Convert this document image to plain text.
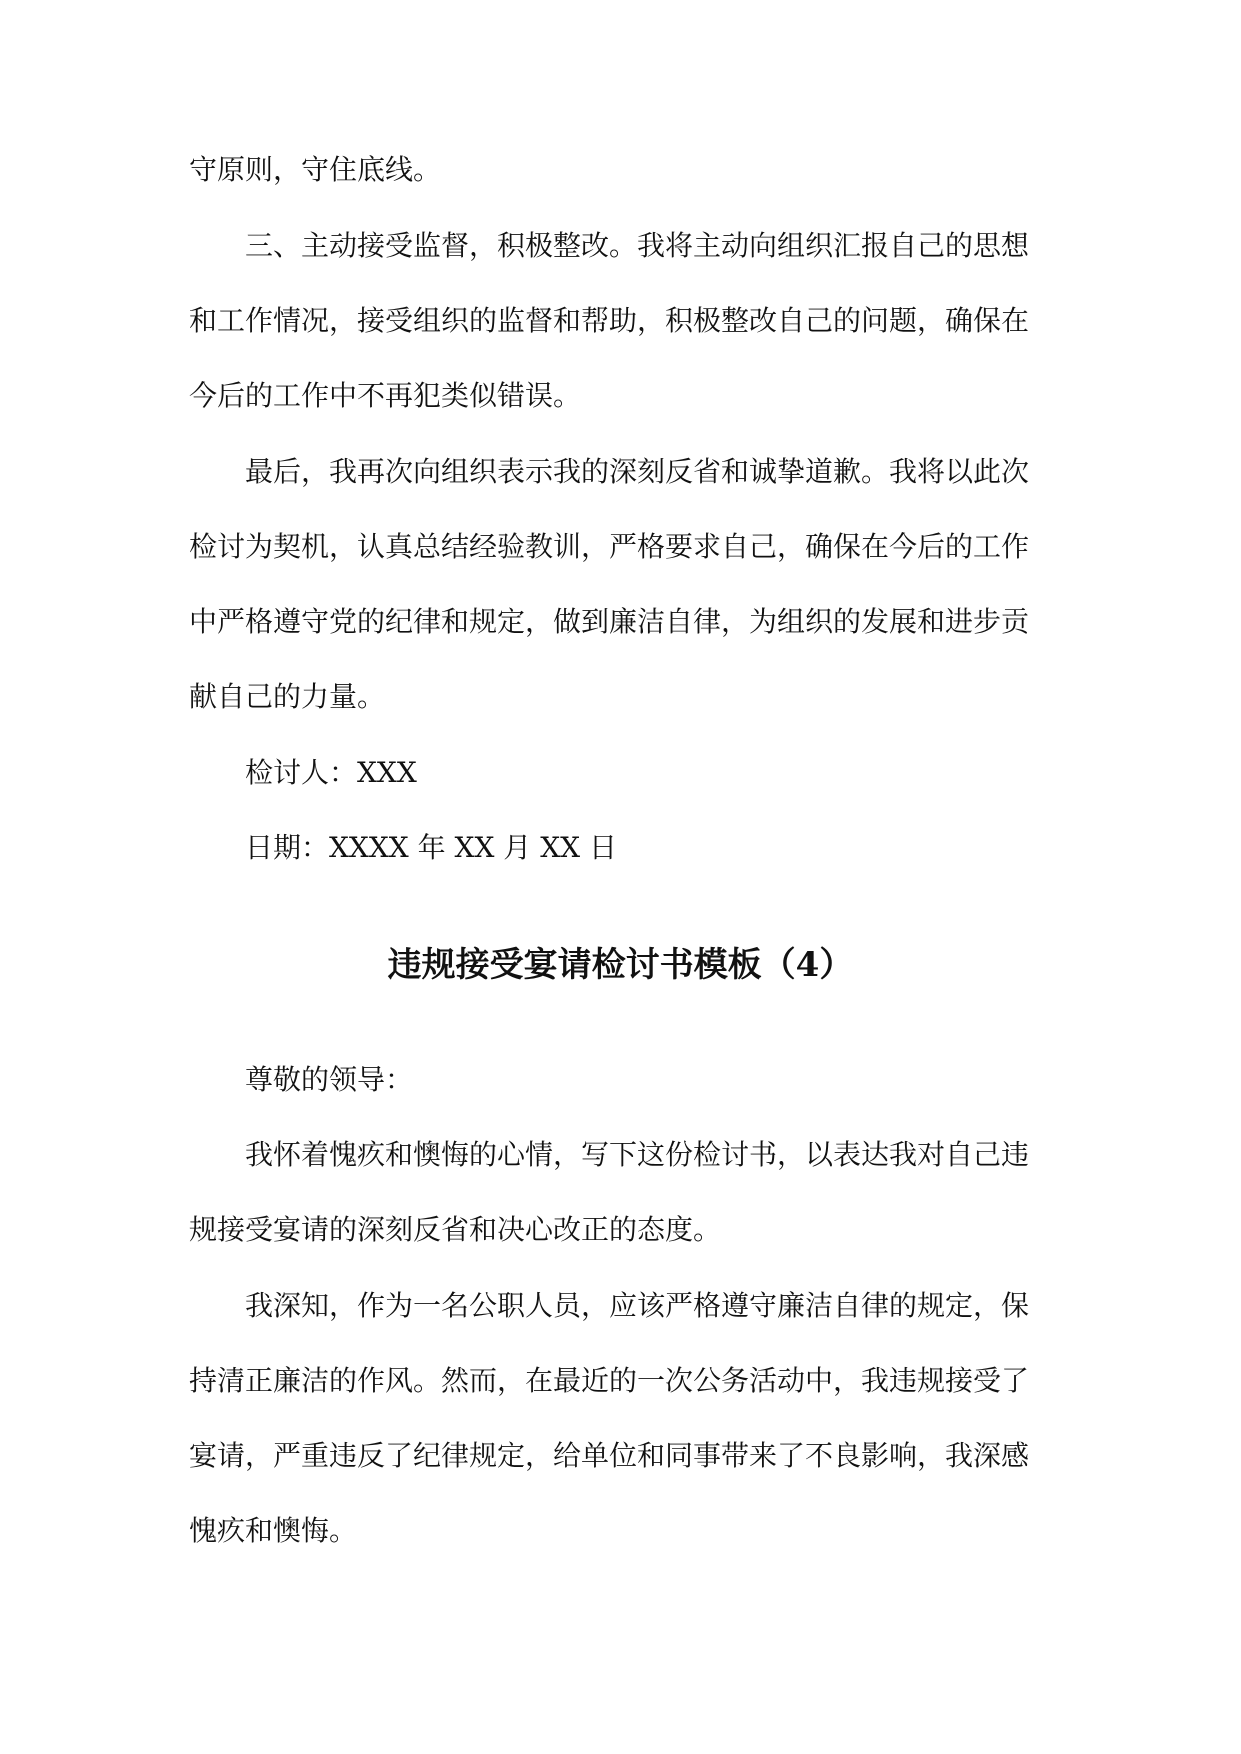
守原则，守住底线。

三、主动接受监督，积极整改。我将主动向组织汇报自己的思想

和工作情况，接受组织的监督和帮助，积极整改自己的问题，确保在

今后的工作中不再犯类似错误。

最后，我再次向组织表示我的深刻反省和诚挚道歉。我将以此次

检讨为契机，认真总结经验教训，严格要求自己，确保在今后的工作

中严格遵守党的纪律和规定，做到廉洁自律，为组织的发展和进步贡

献自己的力量。

检讨人：XXX

日期：XXXX 年 XX 月 XX 日

违规接受宴请检讨书模板（4）

尊敬的领导：

我怀着愧疚和懊悔的心情，写下这份检讨书，以表达我对自己违

规接受宴请的深刻反省和决心改正的态度。

我深知，作为一名公职人员，应该严格遵守廉洁自律的规定，保

持清正廉洁的作风。然而，在最近的一次公务活动中，我违规接受了

宴请，严重违反了纪律规定，给单位和同事带来了不良影响，我深感

愧疚和懊悔。
